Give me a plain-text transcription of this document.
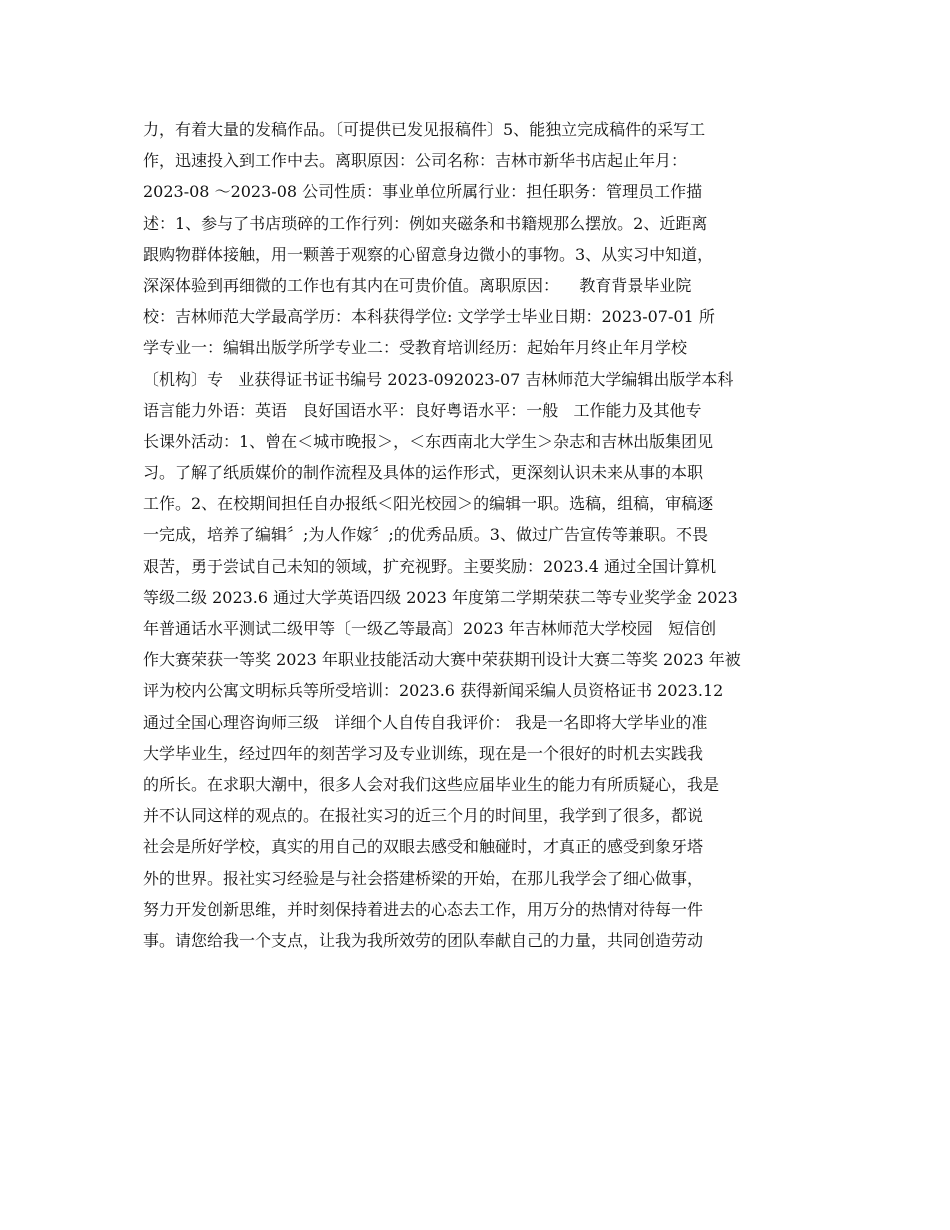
力，有着大量的发稿作品。〔可提供已发见报稿件〕5、能独立完成稿件的采写工
作，迅速投入到工作中去。离职原因：公司名称：吉林市新华书店起止年月：
2023-08 ～2023-08 公司性质：事业单位所属行业：担任职务：管理员工作描
述：1、参与了书店琐碎的工作行列：例如夹磁条和书籍规那么摆放。2、近距离
跟购物群体接触，用一颗善于观察的心留意身边微小的事物。3、从实习中知道，
深深体验到再细微的工作也有其内在可贵价值。离职原因：    教育背景毕业院
校：吉林师范大学最高学历：本科获得学位: 文学学士毕业日期：2023-07-01 所
学专业一：编辑出版学所学专业二：受教育培训经历：起始年月终止年月学校
〔机构〕专   业获得证书证书编号 2023-092023-07 吉林师范大学编辑出版学本科
语言能力外语：英语   良好国语水平：良好粤语水平：一般   工作能力及其他专
长课外活动：1、曾在＜城市晚报＞，＜东西南北大学生＞杂志和吉林出版集团见
习。了解了纸质媒价的制作流程及具体的运作形式，更深刻认识未来从事的本职
工作。2、在校期间担任自办报纸＜阳光校园＞的编辑一职。选稿，组稿，审稿逐
一完成，培养了编辑〞;为人作嫁〞;的优秀品质。3、做过广告宣传等兼职。不畏
艰苦，勇于尝试自己未知的领域，扩充视野。主要奖励：2023.4 通过全国计算机
等级二级 2023.6 通过大学英语四级 2023 年度第二学期荣获二等专业奖学金 2023
年普通话水平测试二级甲等〔一级乙等最高〕2023 年吉林师范大学校园   短信创
作大赛荣获一等奖 2023 年职业技能活动大赛中荣获期刊设计大赛二等奖 2023 年被
评为校内公寓文明标兵等所受培训：2023.6 获得新闻采编人员资格证书 2023.12
通过全国心理咨询师三级   详细个人自传自我评价： 我是一名即将大学毕业的准
大学毕业生，经过四年的刻苦学习及专业训练，现在是一个很好的时机去实践我
的所长。在求职大潮中，很多人会对我们这些应届毕业生的能力有所质疑心，我是
并不认同这样的观点的。在报社实习的近三个月的时间里，我学到了很多，都说
社会是所好学校，真实的用自己的双眼去感受和触碰时，才真正的感受到象牙塔
外的世界。报社实习经验是与社会搭建桥梁的开始，在那儿我学会了细心做事，
努力开发创新思维，并时刻保持着进去的心态去工作，用万分的热情对待每一件
事。请您给我一个支点，让我为我所效劳的团队奉献自己的力量，共同创造劳动
